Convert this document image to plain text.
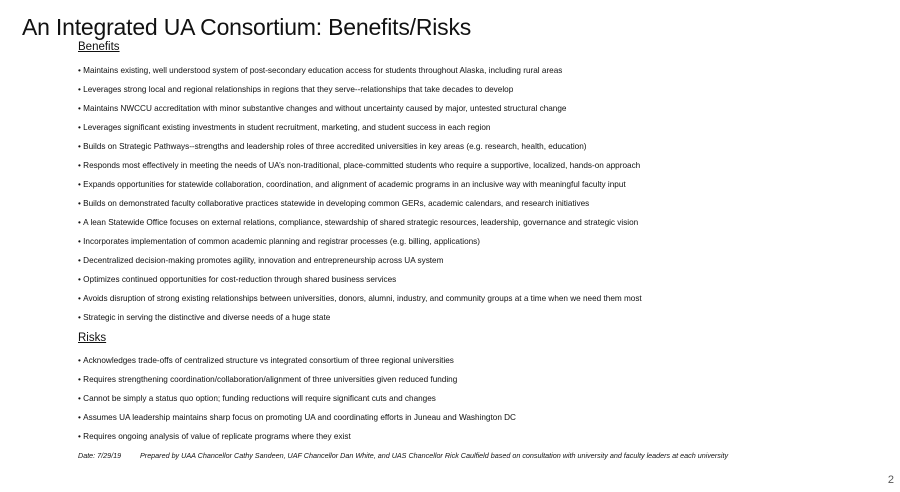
An Integrated UA Consortium: Benefits/Risks
Benefits
• Maintains existing, well understood system of post-secondary education access for students throughout Alaska, including rural areas
• Leverages strong local and regional relationships in regions that they serve--relationships that take decades to develop
• Maintains NWCCU accreditation with minor substantive changes and without uncertainty caused by major, untested structural change
• Leverages significant existing investments in student recruitment, marketing, and student success in each region
• Builds on Strategic Pathways--strengths and leadership roles of three accredited universities in key areas (e.g. research, health, education)
• Responds most effectively in meeting the needs of UA’s non-traditional, place-committed students who require a supportive, localized, hands-on approach
• Expands opportunities for statewide collaboration, coordination, and alignment of academic programs in an inclusive way with meaningful faculty input
• Builds on demonstrated faculty collaborative practices statewide in developing common GERs, academic calendars, and research initiatives
• A lean Statewide Office focuses on external relations, compliance, stewardship of shared strategic resources, leadership, governance and strategic vision
• Incorporates implementation of common academic planning and registrar processes (e.g. billing, applications)
• Decentralized decision-making promotes agility, innovation and entrepreneurship across UA system
• Optimizes continued opportunities for cost-reduction through shared business services
• Avoids disruption of strong existing relationships between universities, donors, alumni, industry, and community groups at a time when we need them most
• Strategic in serving the distinctive and diverse needs of a huge state
Risks
• Acknowledges trade-offs of centralized structure vs integrated consortium of three regional universities
• Requires strengthening coordination/collaboration/alignment of three universities given reduced funding
• Cannot be simply a status quo option; funding reductions will require significant cuts and changes
• Assumes UA leadership maintains sharp focus on promoting UA and coordinating efforts in Juneau and Washington DC
• Requires ongoing analysis of value of replicate programs where they exist
Date: 7/29/19	Prepared by UAA Chancellor Cathy Sandeen, UAF Chancellor Dan White, and UAS Chancellor Rick Caulfield based on consultation with university and faculty leaders at each university
2
